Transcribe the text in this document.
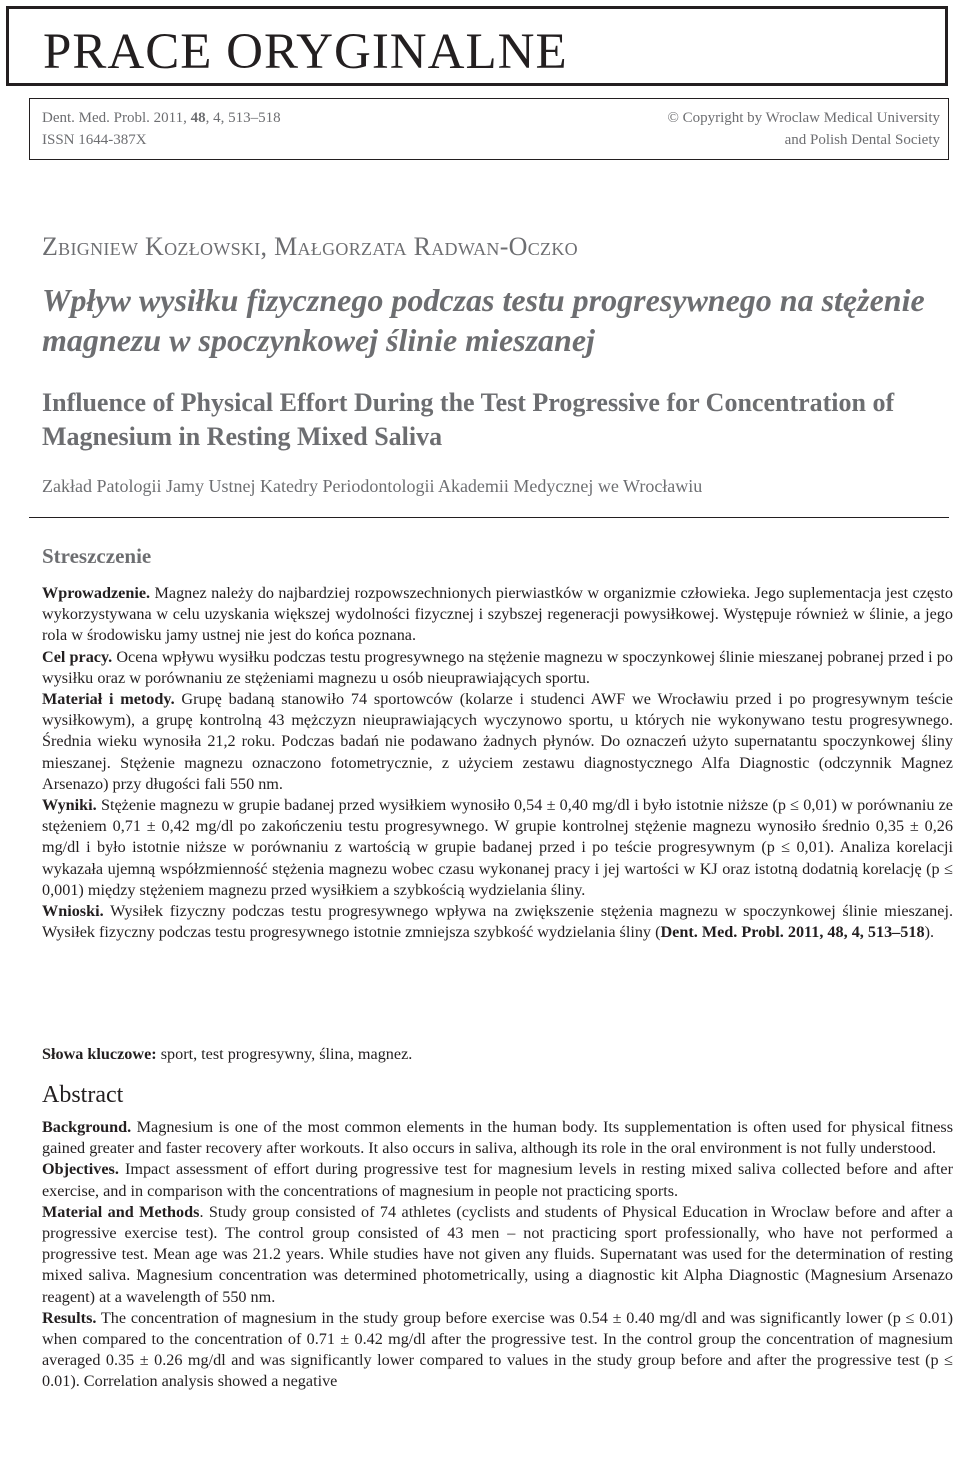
PRACE ORYGINALNE
Dent. Med. Probl. 2011, 48, 4, 513–518
ISSN 1644-387X
© Copyright by Wroclaw Medical University
and Polish Dental Society

Zbigniew Kozłowski, Małgorzata Radwan-Oczko

Wpływ wysiłku fizycznego podczas testu progresywnego na stężenie magnezu w spoczynkowej ślinie mieszanej
Influence of Physical Effort During the Test Progressive for Concentration of Magnesium in Resting Mixed Saliva

Zakład Patologii Jamy Ustnej Katedry Periodontologii Akademii Medycznej we Wrocławiu

Streszczenie

Wprowadzenie. Magnez należy do najbardziej rozpowszechnionych pierwiastków w organizmie człowieka. Jego suplementacja jest często wykorzystywana w celu uzyskania większej wydolności fizycznej i szybszej regeneracji powysiłkowej. Występuje również w ślinie, a jego rola w środowisku jamy ustnej nie jest do końca poznana.

Cel pracy. Ocena wpływu wysiłku podczas testu progresywnego na stężenie magnezu w spoczynkowej ślinie mieszanej pobranej przed i po wysiłku oraz w porównaniu ze stężeniami magnezu u osób nieuprawiających sportu.

Materiał i metody. Grupę badaną stanowiło 74 sportowców (kolarze i studenci AWF we Wrocławiu przed i po progresywnym teście wysiłkowym), a grupę kontrolną 43 mężczyzn nieuprawiających wyczynowo sportu, u których nie wykonywano testu progresywnego. Średnia wieku wynosiła 21,2 roku. Podczas badań nie podawano żadnych płynów. Do oznaczeń użyto supernatantu spoczynkowej śliny mieszanej. Stężenie magnezu oznaczono fotometrycznie, z użyciem zestawu diagnostycznego Alfa Diagnostic (odczynnik Magnez Arsenazo) przy długości fali 550 nm.

Wyniki. Stężenie magnezu w grupie badanej przed wysiłkiem wynosiło 0,54 ± 0,40 mg/dl i było istotnie niższe (p ≤ 0,01) w porównaniu ze stężeniem 0,71 ± 0,42 mg/dl po zakończeniu testu progresywnego. W grupie kontrolnej stężenie magnezu wynosiło średnio 0,35 ± 0,26 mg/dl i było istotnie niższe w porównaniu z wartością w grupie badanej przed i po teście progresywnym (p ≤ 0,01). Analiza korelacji wykazała ujemną współzmienność stężenia magnezu wobec czasu wykonanej pracy i jej wartości w KJ oraz istotną dodatnią korelację (p ≤ 0,001) między stężeniem magnezu przed wysiłkiem a szybkością wydzielania śliny.

Wnioski. Wysiłek fizyczny podczas testu progresywnego wpływa na zwiększenie stężenia magnezu w spoczynkowej ślinie mieszanej. Wysiłek fizyczny podczas testu progresywnego istotnie zmniejsza szybkość wydzielania śliny (Dent. Med. Probl. 2011, 48, 4, 513–518).

Słowa kluczowe: sport, test progresywny, ślina, magnez.

Abstract

Background. Magnesium is one of the most common elements in the human body. Its supplementation is often used for physical fitness gained greater and faster recovery after workouts. It also occurs in saliva, although its role in the oral environment is not fully understood.

Objectives. Impact assessment of effort during progressive test for magnesium levels in resting mixed saliva collected before and after exercise, and in comparison with the concentrations of magnesium in people not practicing sports.

Material and Methods. Study group consisted of 74 athletes (cyclists and students of Physical Education in Wroclaw before and after a progressive exercise test). The control group consisted of 43 men – not practicing sport professionally, who have not performed a progressive test. Mean age was 21.2 years. While studies have not given any fluids. Supernatant was used for the determination of resting mixed saliva. Magnesium concentration was determined photometrically, using a diagnostic kit Alpha Diagnostic (Magnesium Arsenazo reagent) at a wavelength of 550 nm.

Results. The concentration of magnesium in the study group before exercise was 0.54 ± 0.40 mg/dl and was significantly lower (p ≤ 0.01) when compared to the concentration of 0.71 ± 0.42 mg/dl after the progressive test. In the control group the concentration of magnesium averaged 0.35 ± 0.26 mg/dl and was significantly lower compared to values in the study group before and after the progressive test (p ≤ 0.01). Correlation analysis showed a negative
